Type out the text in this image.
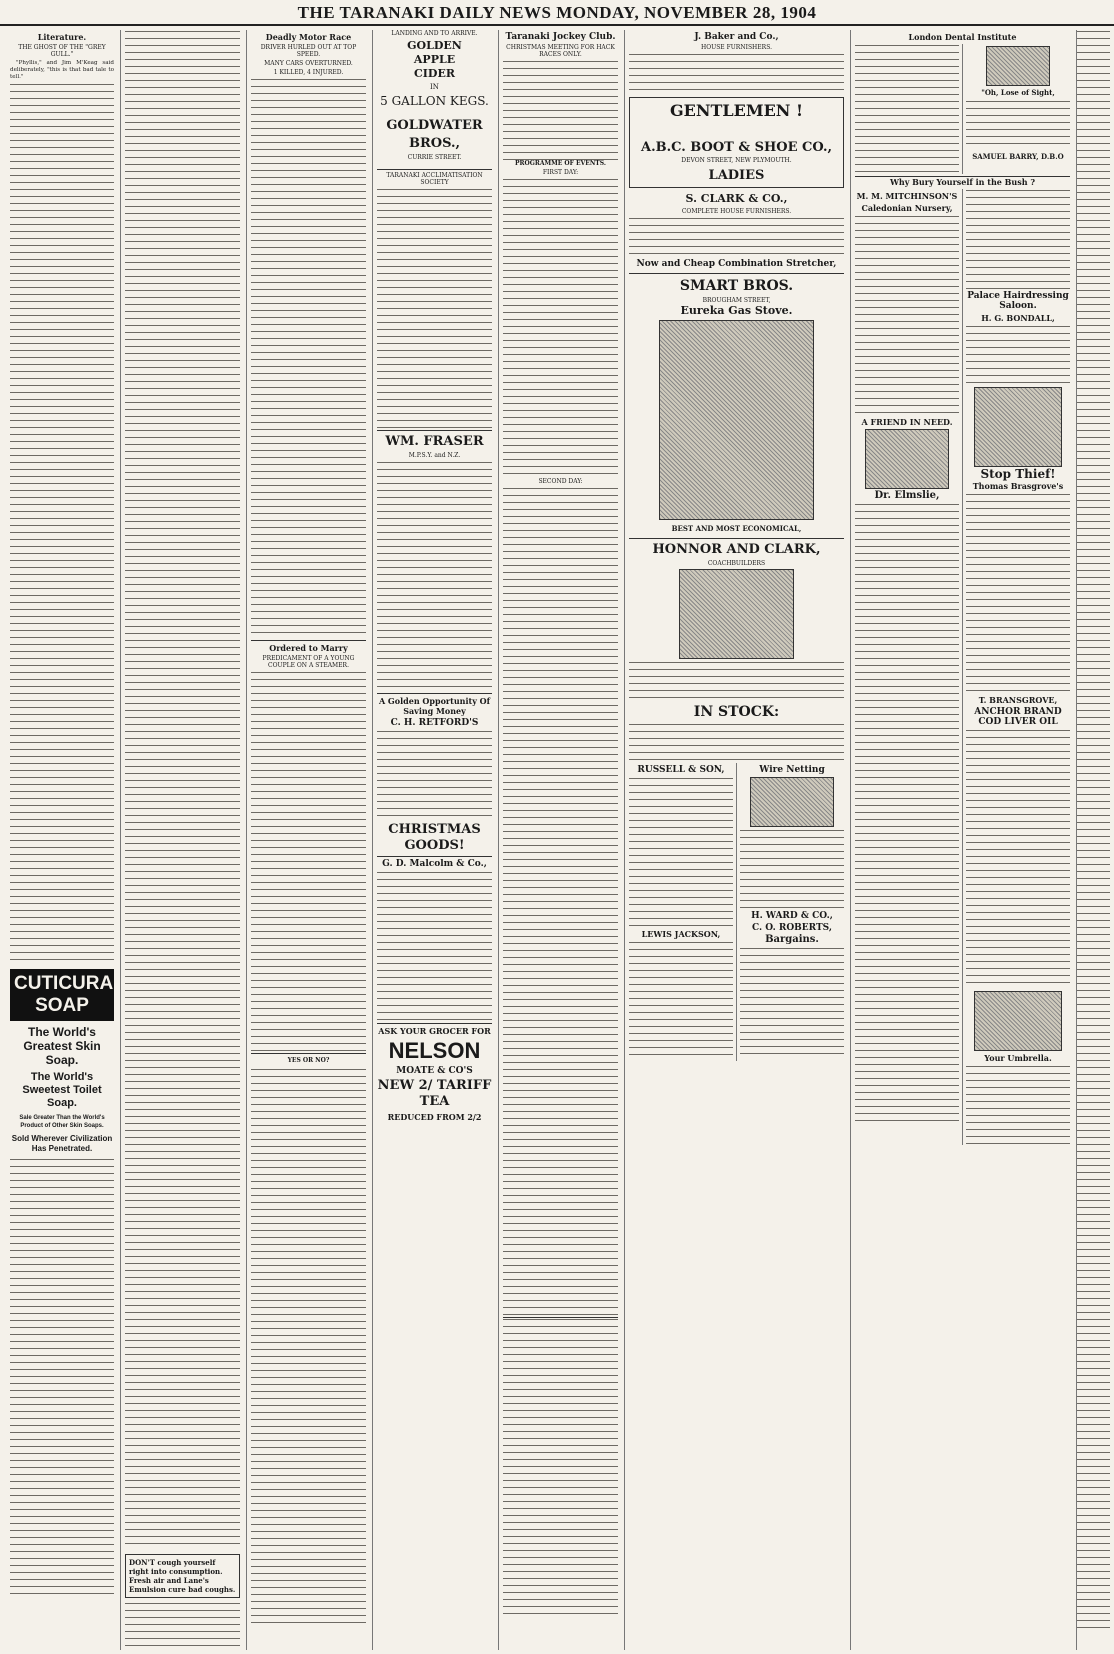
THE TARANAKI DAILY NEWS MONDAY, NOVEMBER 28, 1904
Literature.
THE GHOST OF THE "GREY GULL."

"Phyllis," and Jim M'Keag said deliberately, "this is that bad tale to tell."

CUTICURA SOAP
The World's Greatest Skin Soap.
The World's Sweetest Toilet Soap.
Sale Greater Than the World's Product of Other Skin Soaps.
Sold Wherever Civilization Has Penetrated.
DON'T cough yourself right into consumption. Fresh air and Lane's Emulsion cure bad coughs.
Deadly Motor Race
DRIVER HURLED OUT AT TOP SPEED.
MANY CARS OVERTURNED.
1 KILLED, 4 INJURED.
Ordered to Marry
PREDICAMENT OF A YOUNG COUPLE ON A STEAMER.
YES OR NO?
LANDING AND TO ARRIVE.
GOLDEN
APPLE
CIDER
IN
5 GALLON KEGS.
GOLDWATER BROS.,
CURRIE STREET.
TARANAKI ACCLIMATISATION SOCIETY
WM. FRASER
M.P.S.Y. and N.Z.
A Golden Opportunity Of Saving Money
C. H. RETFORD'S
CHRISTMAS GOODS!
G. D. Malcolm & Co.,
ASK YOUR GROCER FOR
NELSON
MOATE & CO'S
NEW 2/ TARIFF TEA
REDUCED FROM 2/2
Taranaki Jockey Club.
CHRISTMAS MEETING FOR HACK RACES ONLY.
PROGRAMME OF EVENTS.
FIRST DAY:
SECOND DAY:
J. Baker and Co.,
HOUSE FURNISHERS.
GENTLEMEN !
A.B.C. BOOT & SHOE CO.,
DEVON STREET, NEW PLYMOUTH.
LADIES
S. CLARK & CO.,
COMPLETE HOUSE FURNISHERS.
Now and Cheap Combination Stretcher,
SMART BROS.
BROUGHAM STREET,
Eureka Gas Stove.
BEST AND MOST ECONOMICAL,
HONNOR AND CLARK,
COACHBUILDERS
IN STOCK:
RUSSELL & SON,
LEWIS JACKSON,
Wire Netting
H. WARD & CO.,
C. O. ROBERTS,
Bargains.
London Dental Institute
"Oh, Lose of Sight,
SAMUEL BARRY, D.B.O
Why Bury Yourself in the Bush ?
M. M. MITCHINSON'S
Caledonian Nursery,
A FRIEND IN NEED.
Dr. Elmslie,
Palace Hairdressing Saloon.
H. G. BONDALL,
Stop Thief!
Thomas Brasgrove's
T. BRANSGROVE,
ANCHOR BRAND COD LIVER OIL
Your Umbrella.
